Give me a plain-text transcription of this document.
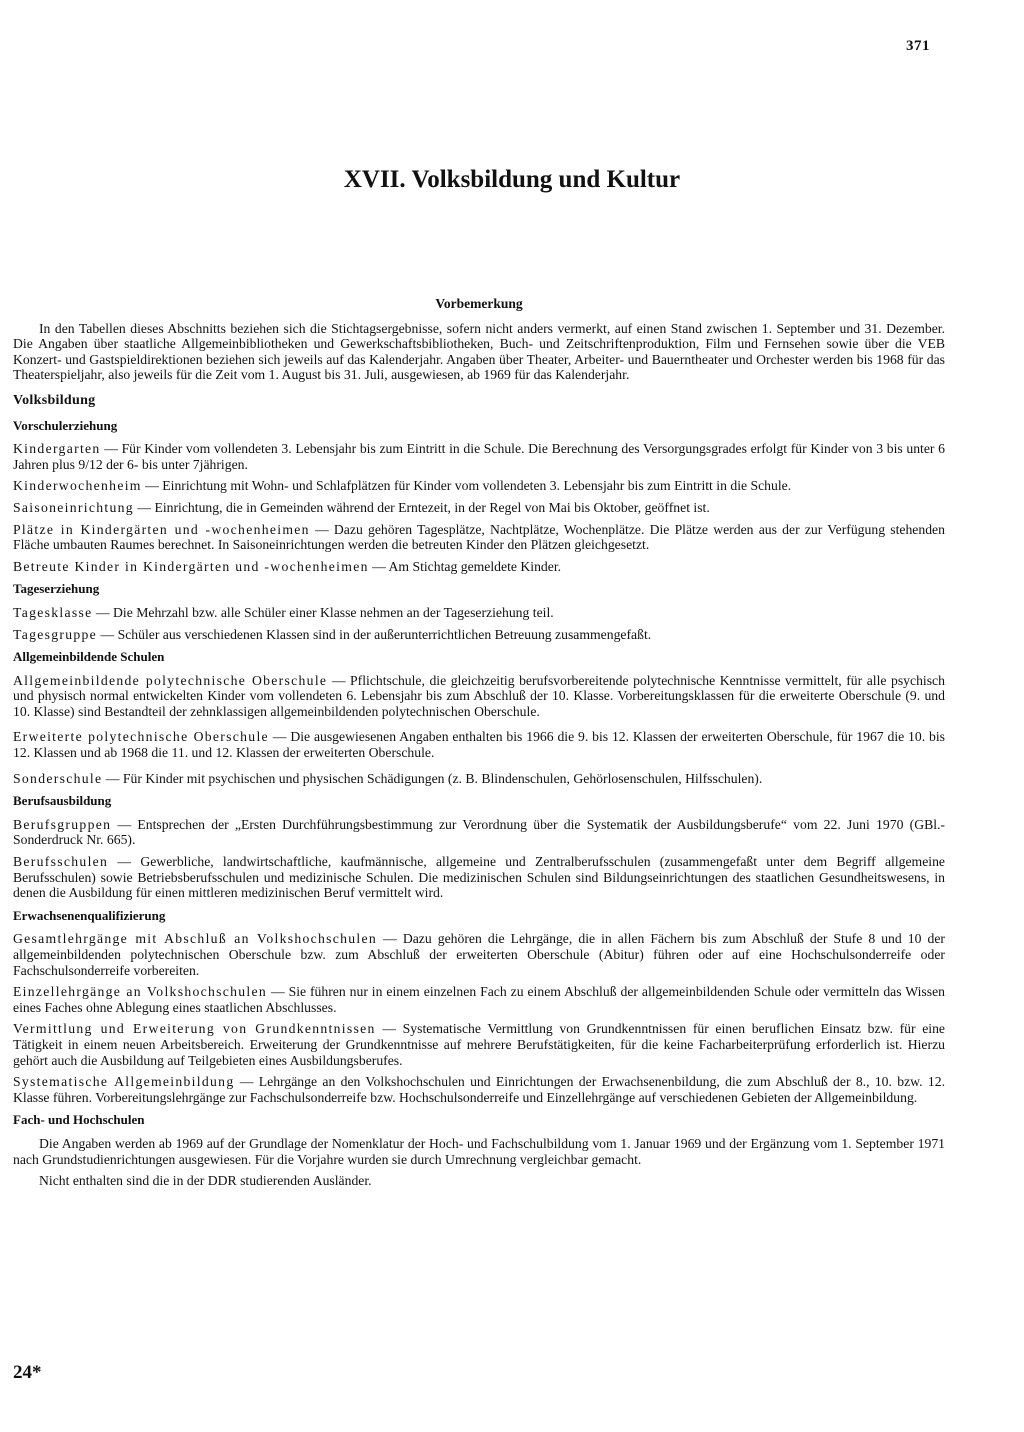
371
XVII. Volksbildung und Kultur

Vorbemerkung

In den Tabellen dieses Abschnitts beziehen sich die Stichtagsergebnisse, sofern nicht anders vermerkt, auf einen Stand zwischen 1. September und 31. Dezember. Die Angaben über staatliche Allgemeinbibliotheken und Gewerkschaftsbibliotheken, Buch- und Zeitschriftenproduktion, Film und Fernsehen sowie über die VEB Konzert- und Gastspieldirektionen beziehen sich jeweils auf das Kalenderjahr. Angaben über Theater, Arbeiter- und Bauerntheater und Orchester werden bis 1968 für das Theaterspieljahr, also jeweils für die Zeit vom 1. August bis 31. Juli, ausgewiesen, ab 1969 für das Kalenderjahr.

Volksbildung

Vorschulerziehung

Kindergarten — Für Kinder vom vollendeten 3. Lebensjahr bis zum Eintritt in die Schule. Die Berechnung des Versorgungsgrades erfolgt für Kinder von 3 bis unter 6 Jahren plus 9/12 der 6- bis unter 7jährigen.

Kinderwochenheim — Einrichtung mit Wohn- und Schlafplätzen für Kinder vom vollendeten 3. Lebensjahr bis zum Eintritt in die Schule.

Saisoneinrichtung — Einrichtung, die in Gemeinden während der Erntezeit, in der Regel von Mai bis Oktober, geöffnet ist.

Plätze in Kindergärten und -wochenheimen — Dazu gehören Tagesplätze, Nachtplätze, Wochenplätze. Die Plätze werden aus der zur Verfügung stehenden Fläche umbauten Raumes berechnet. In Saisoneinrichtungen werden die betreuten Kinder den Plätzen gleichgesetzt.

Betreute Kinder in Kindergärten und -wochenheimen — Am Stichtag gemeldete Kinder.

Tageserziehung

Tagesklasse — Die Mehrzahl bzw. alle Schüler einer Klasse nehmen an der Tageserziehung teil.

Tagesgruppe — Schüler aus verschiedenen Klassen sind in der außerunterrichtlichen Betreuung zusammengefaßt.

Allgemeinbildende Schulen

Allgemeinbildende polytechnische Oberschule — Pflichtschule, die gleichzeitig berufsvorbereitende polytechnische Kenntnisse vermittelt, für alle psychisch und physisch normal entwickelten Kinder vom vollendeten 6. Lebensjahr bis zum Abschluß der 10. Klasse. Vorbereitungsklassen für die erweiterte Oberschule (9. und 10. Klasse) sind Bestandteil der zehnklassigen allgemeinbildenden polytechnischen Oberschule.

Erweiterte polytechnische Oberschule — Die ausgewiesenen Angaben enthalten bis 1966 die 9. bis 12. Klassen der erweiterten Oberschule, für 1967 die 10. bis 12. Klassen und ab 1968 die 11. und 12. Klassen der erweiterten Oberschule.

Sonderschule — Für Kinder mit psychischen und physischen Schädigungen (z. B. Blindenschulen, Gehörlosenschulen, Hilfsschulen).

Berufsausbildung

Berufsgruppen — Entsprechen der „Ersten Durchführungsbestimmung zur Verordnung über die Systematik der Ausbildungsberufe“ vom 22. Juni 1970 (GBl.-Sonderdruck Nr. 665).

Berufsschulen — Gewerbliche, landwirtschaftliche, kaufmännische, allgemeine und Zentralberufsschulen (zusammengefaßt unter dem Begriff allgemeine Berufsschulen) sowie Betriebsberufsschulen und medizinische Schulen. Die medizinischen Schulen sind Bildungseinrichtungen des staatlichen Gesundheitswesens, in denen die Ausbildung für einen mittleren medizinischen Beruf vermittelt wird.

Erwachsenenqualifizierung

Gesamtlehrgänge mit Abschluß an Volkshochschulen — Dazu gehören die Lehrgänge, die in allen Fächern bis zum Abschluß der Stufe 8 und 10 der allgemeinbildenden polytechnischen Oberschule bzw. zum Abschluß der erweiterten Oberschule (Abitur) führen oder auf eine Hochschulsonderreife oder Fachschulsonderreife vorbereiten.

Einzellehrgänge an Volkshochschulen — Sie führen nur in einem einzelnen Fach zu einem Abschluß der allgemeinbildenden Schule oder vermitteln das Wissen eines Faches ohne Ablegung eines staatlichen Abschlusses.

Vermittlung und Erweiterung von Grundkenntnissen — Systematische Vermittlung von Grundkenntnissen für einen beruflichen Einsatz bzw. für eine Tätigkeit in einem neuen Arbeitsbereich. Erweiterung der Grundkenntnisse auf mehrere Berufstätigkeiten, für die keine Facharbeiterprüfung erforderlich ist. Hierzu gehört auch die Ausbildung auf Teilgebieten eines Ausbildungsberufes.

Systematische Allgemeinbildung — Lehrgänge an den Volkshochschulen und Einrichtungen der Erwachsenenbildung, die zum Abschluß der 8., 10. bzw. 12. Klasse führen. Vorbereitungslehrgänge zur Fachschulsonderreife bzw. Hochschulsonderreife und Einzellehrgänge auf verschiedenen Gebieten der Allgemeinbildung.

Fach- und Hochschulen

Die Angaben werden ab 1969 auf der Grundlage der Nomenklatur der Hoch- und Fachschulbildung vom 1. Januar 1969 und der Ergänzung vom 1. September 1971 nach Grundstudienrichtungen ausgewiesen. Für die Vorjahre wurden sie durch Umrechnung vergleichbar gemacht.

Nicht enthalten sind die in der DDR studierenden Ausländer.

24*
